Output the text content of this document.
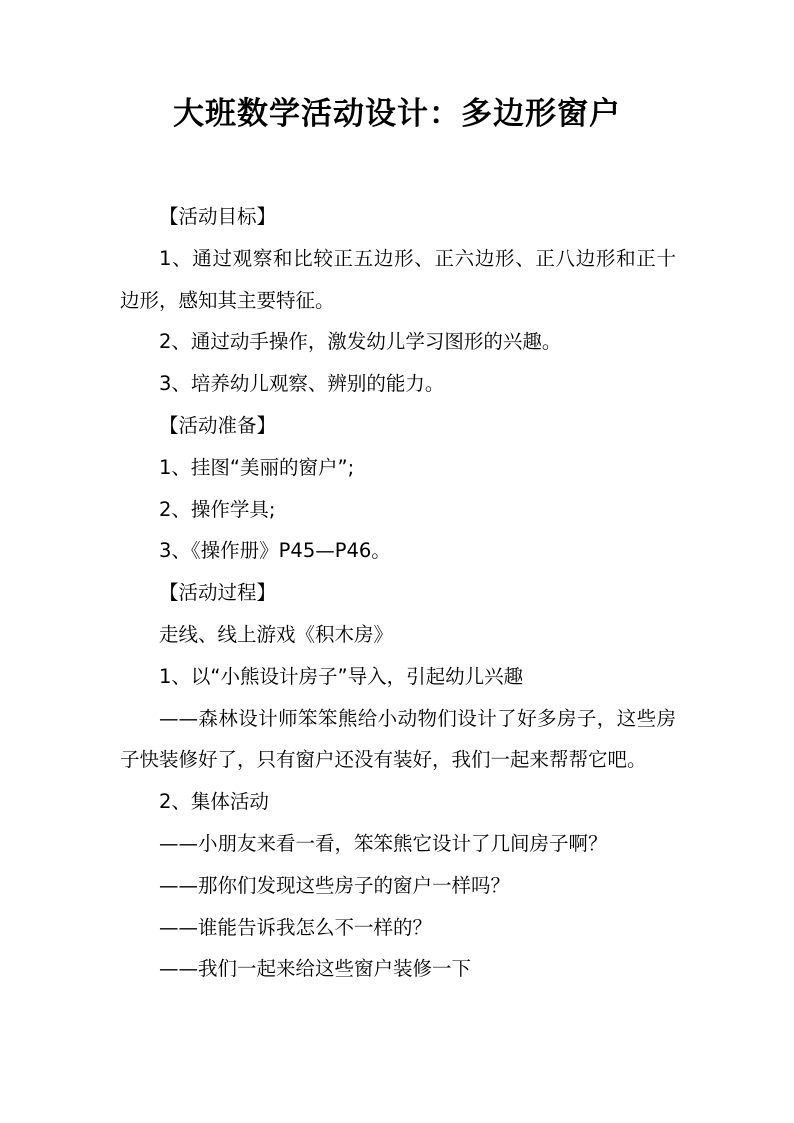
大班数学活动设计：多边形窗户

【活动目标】

1、通过观察和比较正五边形、正六边形、正八边形和正十边形，感知其主要特征。

2、通过动手操作，激发幼儿学习图形的兴趣。

3、培养幼儿观察、辨别的能力。

【活动准备】

1、挂图“美丽的窗户”;

2、操作学具;

3、《操作册》P45—P46。

【活动过程】

走线、线上游戏《积木房》

1、以“小熊设计房子”导入，引起幼儿兴趣

——森林设计师笨笨熊给小动物们设计了好多房子，这些房子快装修好了，只有窗户还没有装好，我们一起来帮帮它吧。

2、集体活动

——小朋友来看一看，笨笨熊它设计了几间房子啊？

——那你们发现这些房子的窗户一样吗？

——谁能告诉我怎么不一样的？

——我们一起来给这些窗户装修一下
